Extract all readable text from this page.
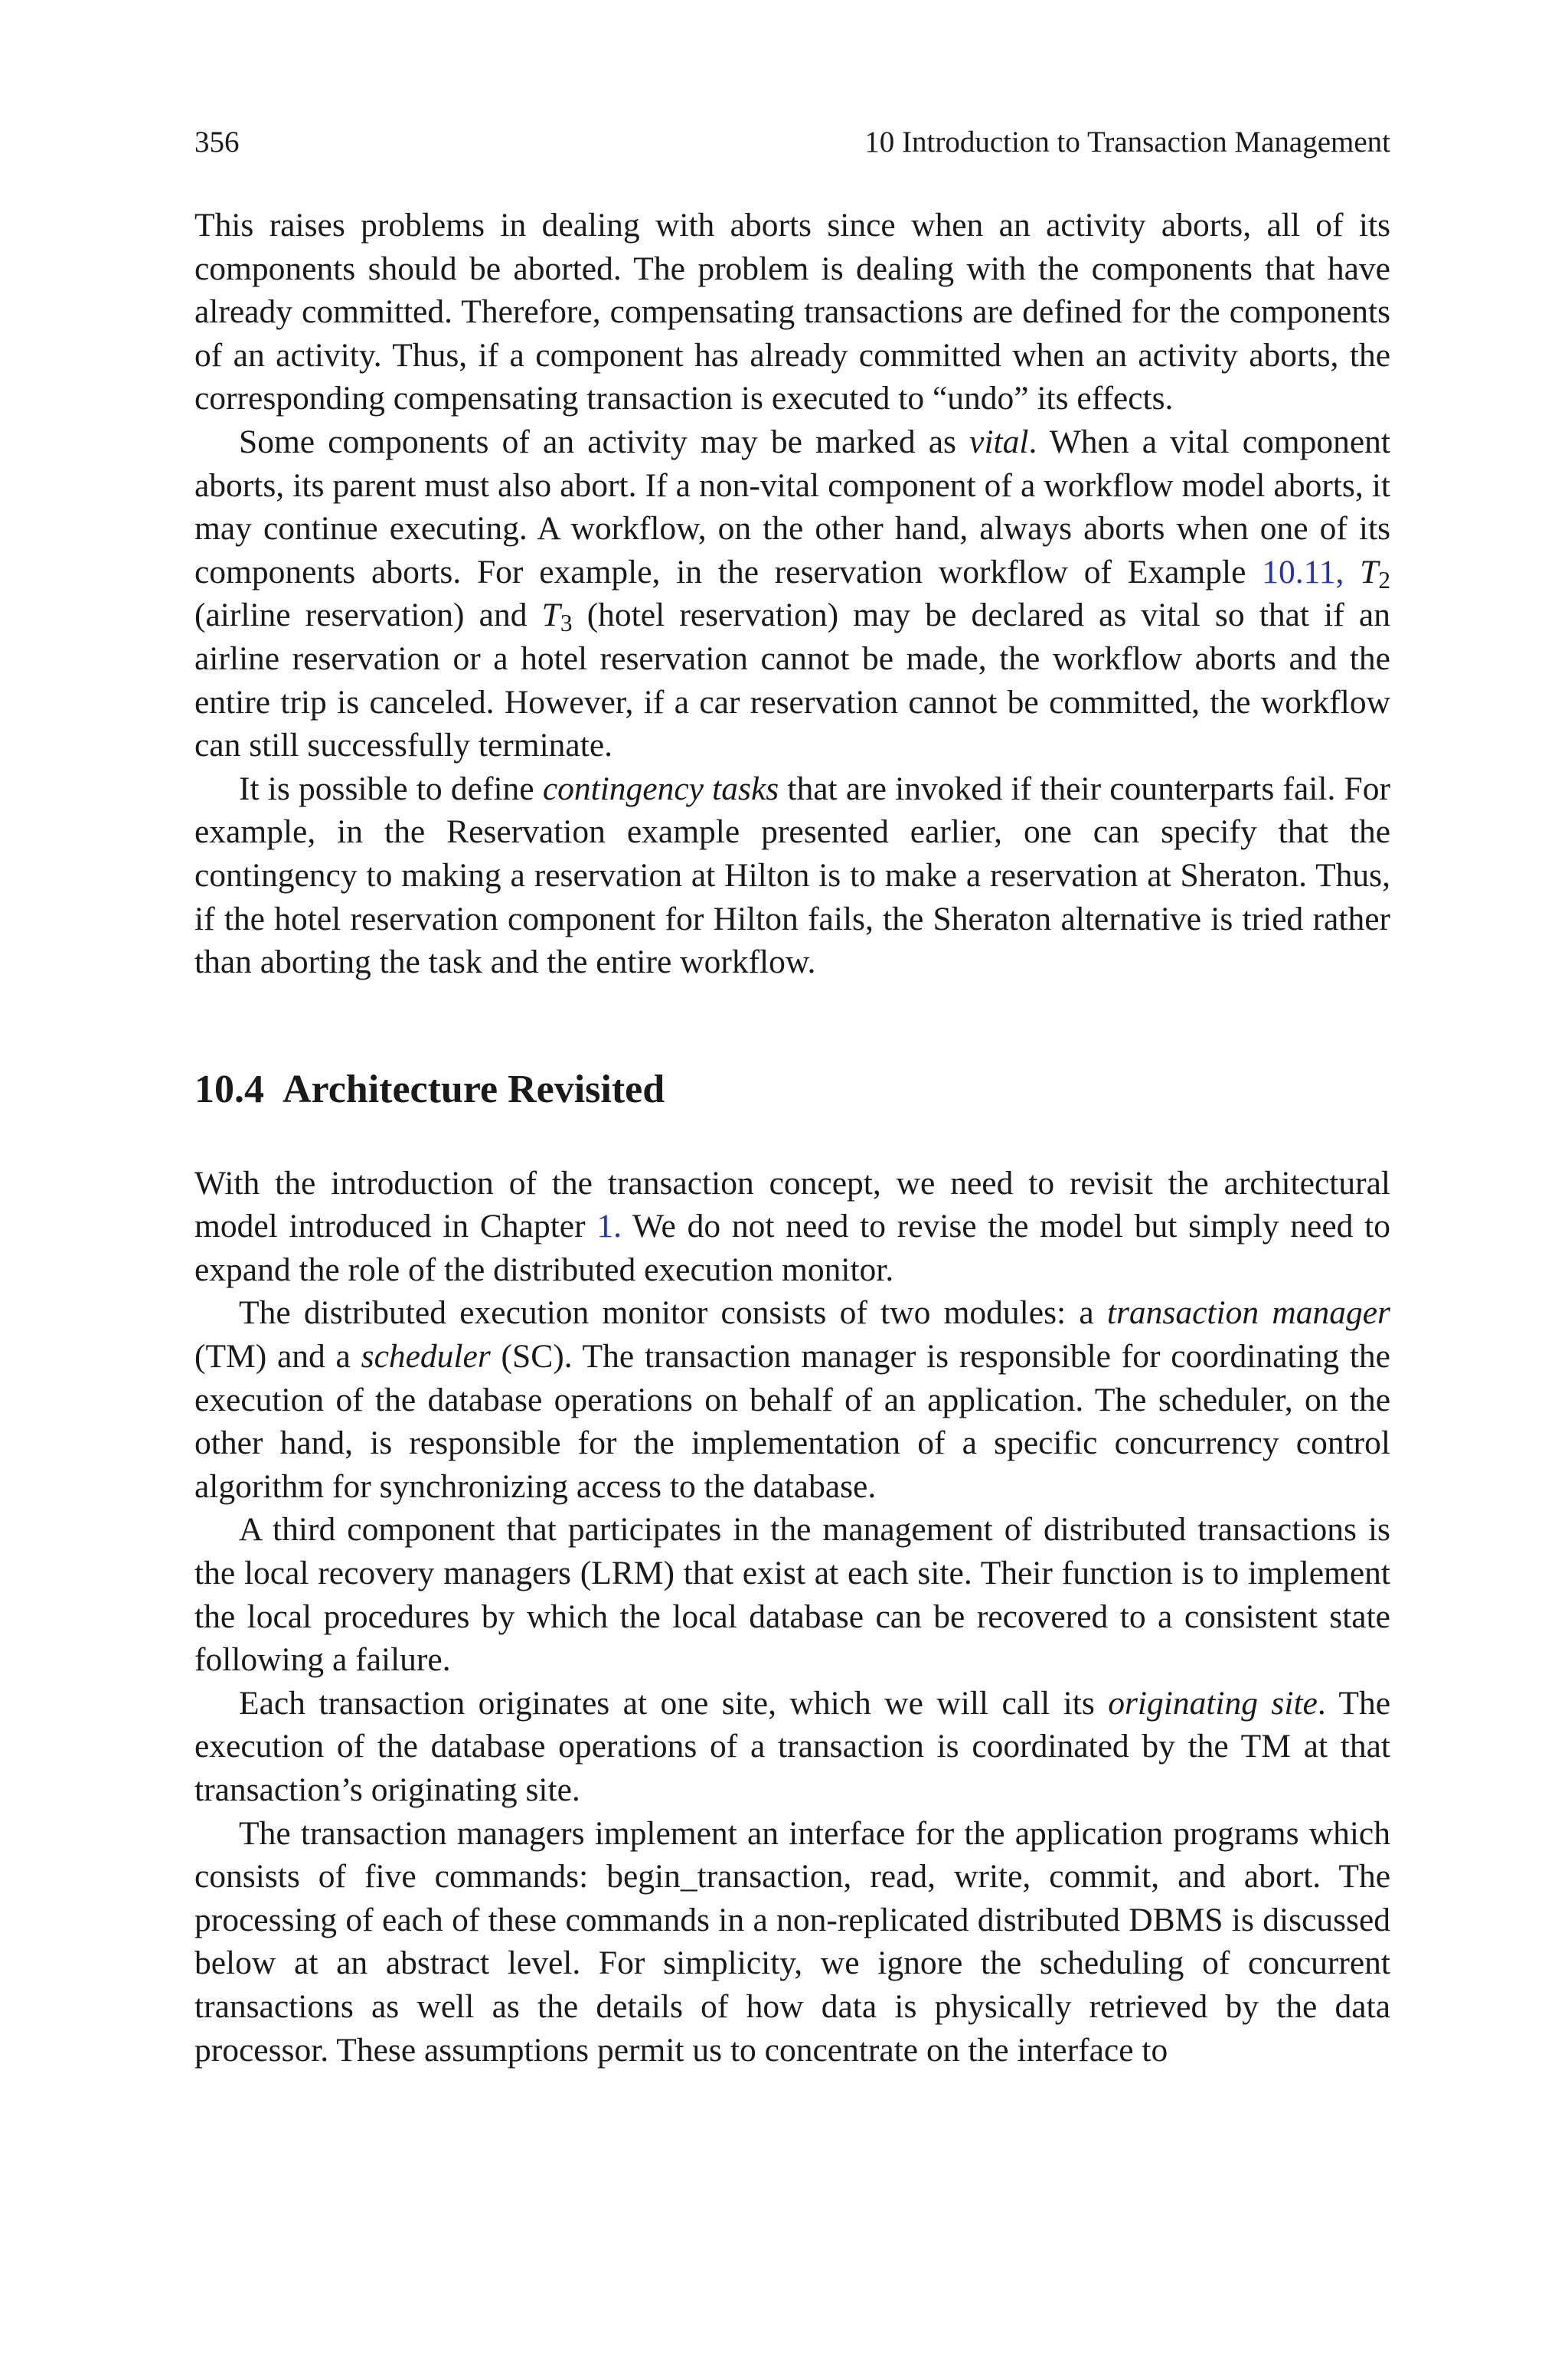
356	10 Introduction to Transaction Management

This raises problems in dealing with aborts since when an activity aborts, all of its components should be aborted. The problem is dealing with the components that have already committed. Therefore, compensating transactions are defined for the components of an activity. Thus, if a component has already committed when an activity aborts, the corresponding compensating transaction is executed to “undo” its effects.

Some components of an activity may be marked as vital. When a vital component aborts, its parent must also abort. If a non-vital component of a workflow model aborts, it may continue executing. A workflow, on the other hand, always aborts when one of its components aborts. For example, in the reservation workflow of Example 10.11, $T_2$ (airline reservation) and $T_3$ (hotel reservation) may be declared as vital so that if an airline reservation or a hotel reservation cannot be made, the workflow aborts and the entire trip is canceled. However, if a car reservation cannot be committed, the workflow can still successfully terminate.

It is possible to define contingency tasks that are invoked if their counterparts fail. For example, in the Reservation example presented earlier, one can specify that the contingency to making a reservation at Hilton is to make a reservation at Sheraton. Thus, if the hotel reservation component for Hilton fails, the Sheraton alternative is tried rather than aborting the task and the entire workflow.

10.4 Architecture Revisited

With the introduction of the transaction concept, we need to revisit the architectural model introduced in Chapter 1. We do not need to revise the model but simply need to expand the role of the distributed execution monitor.

The distributed execution monitor consists of two modules: a transaction manager (TM) and a scheduler (SC). The transaction manager is responsible for coordinating the execution of the database operations on behalf of an application. The scheduler, on the other hand, is responsible for the implementation of a specific concurrency control algorithm for synchronizing access to the database.

A third component that participates in the management of distributed transactions is the local recovery managers (LRM) that exist at each site. Their function is to implement the local procedures by which the local database can be recovered to a consistent state following a failure.

Each transaction originates at one site, which we will call its originating site. The execution of the database operations of a transaction is coordinated by the TM at that transaction’s originating site.

The transaction managers implement an interface for the application programs which consists of five commands: begin_transaction, read, write, commit, and abort. The processing of each of these commands in a non-replicated distributed DBMS is discussed below at an abstract level. For simplicity, we ignore the scheduling of concurrent transactions as well as the details of how data is physically retrieved by the data processor. These assumptions permit us to concentrate on the interface to
